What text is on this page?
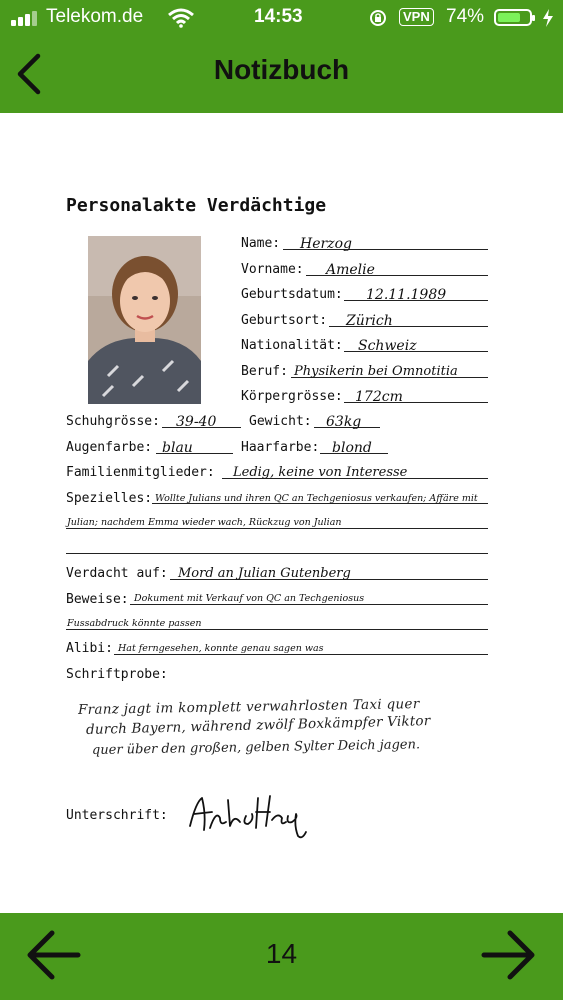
Telekom.de	14:53	VPN 74%
Notizbuch
Personalakte Verdächtige
Name: Herzog
Vorname: Amelie
Geburtsdatum: 12.11.1989
Geburtsort: Zürich
Nationalität: Schweiz
Beruf: Physikerin bei Omnotitia
Körpergrösse: 172cm
Schuhgrösse: 39-40	Gewicht: 63kg
Augenfarbe: blau	Haarfarbe: blond
Familienmitglieder: Ledig, keine von Interesse
Spezielles: Wollte Julians und ihren QC an Techgeniosus verkaufen; Affäre mit
Julian; nachdem Emma wieder wach, Rückzug von Julian
Verdacht auf: Mord an Julian Gutenberg
Beweise: Dokument mit Verkauf von QC an Techgeniosus
Fussabdruck könnte passen
Alibi: Hat ferngesehen, konnte genau sagen was
Schriftprobe:
Franz jagt im komplett verwahrlosten Taxi quer
durch Bayern, während zwölf Boxkämpfer Viktor
quer über den großen, gelben Sylter Deich jagen.
Unterschrift:
14
